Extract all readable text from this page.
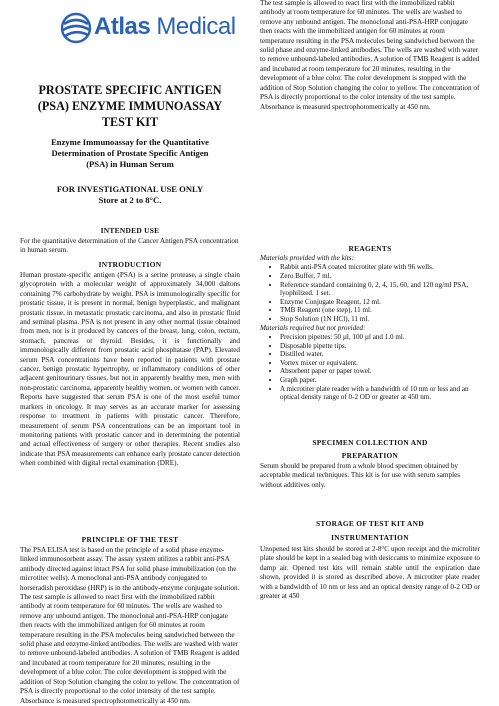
Atlas Medical
PROSTATE SPECIFIC ANTIGEN
(PSA) ENZYME IMMUNOASSAY
TEST KIT
Enzyme Immunoassay for the Quantitative
Determination of Prostate Specific Antigen
(PSA) in Human Serum
FOR INVESTIGATIONAL USE ONLY
Store at 2 to 8°C.
INTENDED USE

For the quantitative determination of the Cancer Antigen PSA concentration in human serum.

INTRODUCTION

Human prostate-specific antigen (PSA) is a serine protease, a single chain glycoprotein with a molecular weight of approximately 34,000 daltons containing 7% carbohydrate by weight. PSA is immunologically specific for prostatic tissue, it is present in normal, benign hyperplastic, and malignant prostatic tissue, in metastatic prostatic carcinoma, and also in prostatic fluid and seminal plasma. PSA is not present in any other normal tissue obtained from men, nor is it produced by cancers of the breast, lung, colon, rectum, stomach, pancreas or thyroid. Besides, it is functionally and immunologically different from prostatic acid phosphatase (PAP). Elevated serum PSA concentrations have been reported in patients with prostate cancer, benign prostatic hypertrophy, or inflammatory conditions of other adjacent genitourinary tissues, but not in apparently healthy men, men with non-prostatic carcinoma, apparently healthy women, or women with cancer. Reports have suggested that serum PSA is one of the most useful tumor markers in oncology. It may serves as an accurate marker for assessing response to treatment in patients with prostatic cancer. Therefore, measurement of serum PSA concentrations can be an important tool in monitoring patients with prostatic cancer and in determining the potential and actual effectiveness of surgery or other therapies. Recent studies also indicate that PSA measurements can enhance early prostate cancer detection when combined with digital rectal examination (DRE).

PRINCIPLE OF THE TEST

The PSA ELISA test is based on the principle of a solid phase enzyme-linked immunosorbent assay. The assay system utilizes a rabbit anti-PSA antibody directed against intact PSA for solid phase immobilization (on the microtiter wells). A monoclonal anti-PSA antibody conjugated to horseradish peroxidase (HRP) is in the antibody-enzyme conjugate solution. The test sample is allowed to react first with the immobilized rabbit antibody at room temperature for 60 minutes. The wells are washed to remove any unbound antigen. The monoclonal anti-PSA-HRP conjugate then reacts with the immobilized antigen for 60 minutes at room temperature resulting in the PSA molecules being sandwiched between the solid phase and enzyme-linked antibodies. The wells are washed with water to remove unbound-labeled antibodies. A solution of TMB Reagent is added and incubated at room temperature for 20 minutes, resulting in the development of a blue color. The color development is stopped with the addition of Stop Solution changing the color to yellow. The concentration of PSA is directly proportional to the color intensity of the test sample. Absorbance is measured spectrophotometrically at 450 nm.

The test sample is allowed to react first with the immobilized rabbit antibody at room temperature for 60 minutes. The wells are washed to remove any unbound antigen. The monoclonal anti-PSA-HRP conjugate then reacts with the immobilized antigen for 60 minutes at room temperature resulting in the PSA molecules being sandwiched between the solid phase and enzyme-linked antibodies. The wells are washed with water to remove unbound-labeled antibodies. A solution of TMB Reagent is added and incubated at room temperature for 20 minutes, resulting in the development of a blue color. The color development is stopped with the addition of Stop Solution changing the color to yellow. The concentration of PSA is directly proportional to the color intensity of the test sample. Absorbance is measured spectrophotometrically at 450 nm.

REAGENTS

Materials provided with the kits:

• Rabbit anti-PSA coated microtiter plate with 96 wells.
• Zero Buffer, 7 ml.
• Reference standard containing 0, 2, 4, 15, 60, and 120 ng/ml PSA, lyophilized. 1 set.
• Enzyme Conjugate Reagent, 12 ml.
• TMB Reagent (one step), 11 ml.
• Stop Solution (1N HCl), 11 ml.

Materials required but not provided:

• Precision pipettes: 50 µl, 100 µl and 1.0 ml.
• Disposable pipette tips.
• Distilled water.
• Vortex mixer or equivalent.
• Absorbent paper or paper towel.
• Graph paper.
• A microtiter plate reader with a bandwidth of 10 nm or less and an optical density range of 0-2 OD or greater at 450 nm.
SPECIMEN COLLECTION AND
PREPARATION

Serum should be prepared from a whole blood specimen obtained by acceptable medical techniques. This kit is for use with serum samples without additives only.

STORAGE OF TEST KIT AND
INSTRUMENTATION

Unopened test kits should be stored at 2-8°C upon receipt and the microliter plate should be kept in a sealed bag with desiccants to minimize exposure to damp air. Opened test kits will remain stable until the expiration date shown, provided it is stored as described above. A microtiter plate reader with a bandwidth of 10 nm or less and an optical density range of 0-2 OD or greater at 450
